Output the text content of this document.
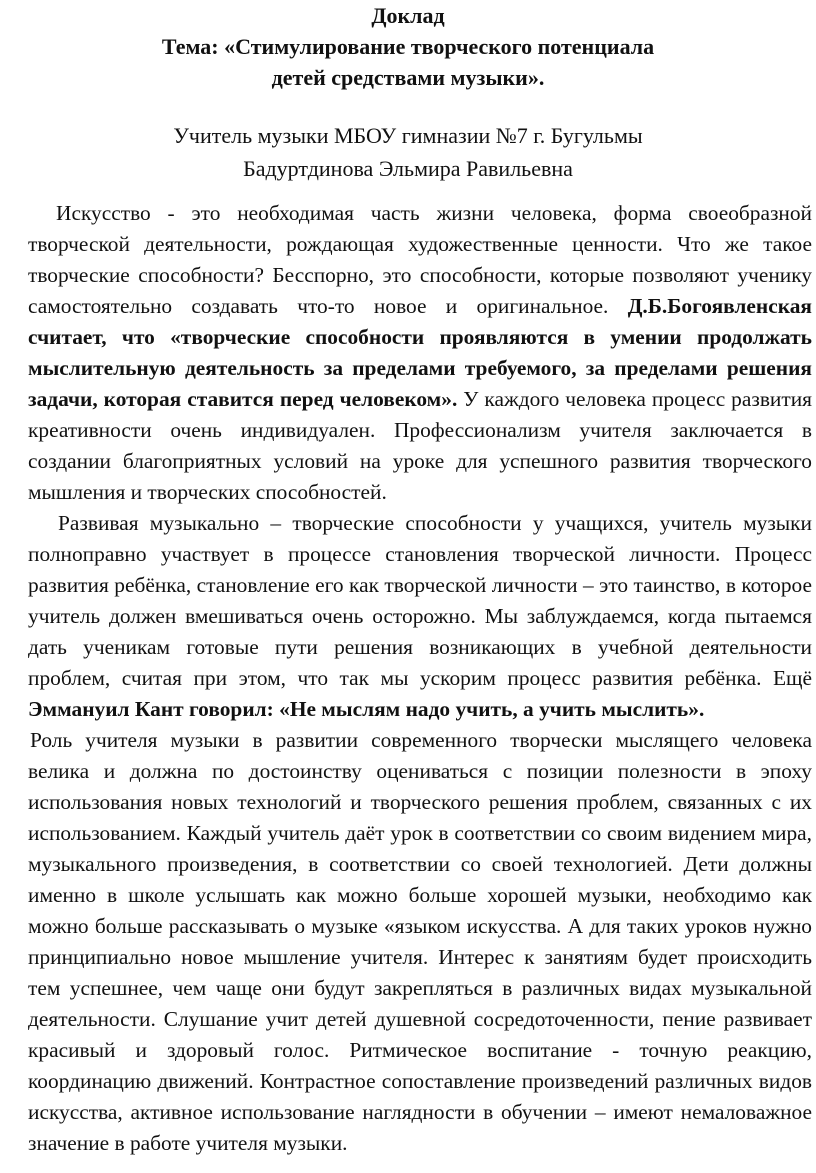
Доклад
Тема: «Стимулирование творческого потенциала
детей средствами музыки».
Учитель музыки МБОУ гимназии №7 г. Бугульмы
Бадуртдинова Эльмира Равильевна

Искусство - это необходимая часть жизни человека, форма своеобразной творческой деятельности, рождающая художественные ценности. Что же такое творческие способности? Бесспорно, это способности, которые позволяют ученику самостоятельно создавать что-то новое и оригинальное. Д.Б.Богоявленская считает, что «творческие способности проявляются в умении продолжать мыслительную деятельность за пределами требуемого, за пределами решения задачи, которая ставится перед человеком». У каждого человека процесс развития креативности очень индивидуален. Профессионализм учителя заключается в создании благоприятных условий на уроке для успешного развития творческого мышления и творческих способностей.

Развивая музыкально – творческие способности у учащихся, учитель музыки полноправно участвует в процессе становления творческой личности. Процесс развития ребёнка, становление его как творческой личности – это таинство, в которое учитель должен вмешиваться очень осторожно. Мы заблуждаемся, когда пытаемся дать ученикам готовые пути решения возникающих в учебной деятельности проблем, считая при этом, что так мы ускорим процесс развития ребёнка. Ещё Эммануил Кант говорил: «Не мыслям надо учить, а учить мыслить».

Роль учителя музыки в развитии современного творчески мыслящего человека велика и должна по достоинству оцениваться с позиции полезности в эпоху использования новых технологий и творческого решения проблем, связанных с их использованием. Каждый учитель даёт урок в соответствии со своим видением мира, музыкального произведения, в соответствии со своей технологией. Дети должны именно в школе услышать как можно больше хорошей музыки, необходимо как можно больше рассказывать о музыке «языком искусства. А для таких уроков нужно принципиально новое мышление учителя. Интерес к занятиям будет происходить тем успешнее, чем чаще они будут закрепляться в различных видах музыкальной деятельности. Слушание учит детей душевной сосредоточенности, пение развивает красивый и здоровый голос. Ритмическое воспитание - точную реакцию, координацию движений. Контрастное сопоставление произведений различных видов искусства, активное использование наглядности в обучении – имеют немаловажное значение в работе учителя музыки.
